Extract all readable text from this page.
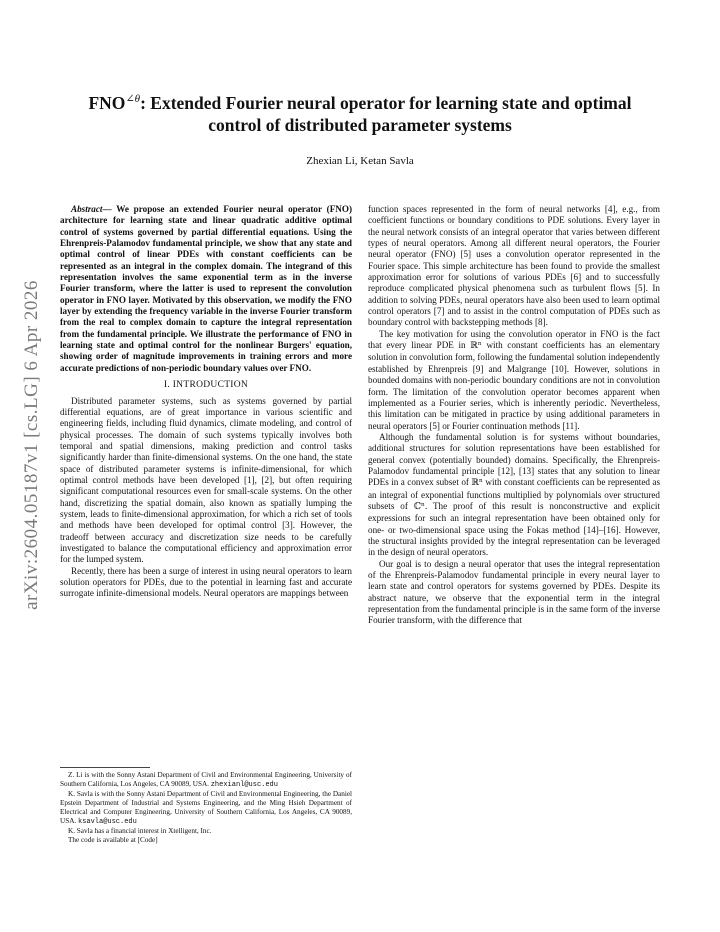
arXiv:2604.05187v1 [cs.LG] 6 Apr 2026
$FNO^{\angle\theta}$: Extended Fourier neural operator for learning state and optimal control of distributed parameter systems
Zhexian Li, Ketan Savla

Abstract— We propose an extended Fourier neural operator (FNO) architecture for learning state and linear quadratic additive optimal control of systems governed by partial differential equations. Using the Ehrenpreis-Palamodov fundamental principle, we show that any state and optimal control of linear PDEs with constant coefficients can be represented as an integral in the complex domain. The integrand of this representation involves the same exponential term as in the inverse Fourier transform, where the latter is used to represent the convolution operator in FNO layer. Motivated by this observation, we modify the FNO layer by extending the frequency variable in the inverse Fourier transform from the real to complex domain to capture the integral representation from the fundamental principle. We illustrate the performance of FNO in learning state and optimal control for the nonlinear Burgers' equation, showing order of magnitude improvements in training errors and more accurate predictions of non-periodic boundary values over FNO.

I. INTRODUCTION

Distributed parameter systems, such as systems governed by partial differential equations, are of great importance in various scientific and engineering fields, including fluid dynamics, climate modeling, and control of physical processes. The domain of such systems typically involves both temporal and spatial dimensions, making prediction and control tasks significantly harder than finite-dimensional systems. On the one hand, the state space of distributed parameter systems is infinite-dimensional, for which optimal control methods have been developed [1], [2], but often requiring significant computational resources even for small-scale systems. On the other hand, discretizing the spatial domain, also known as spatially lumping the system, leads to finite-dimensional approximation, for which a rich set of tools and methods have been developed for optimal control [3]. However, the tradeoff between accuracy and discretization size needs to be carefully investigated to balance the computational efficiency and approximation error for the lumped system.

Recently, there has been a surge of interest in using neural operators to learn solution operators for PDEs, due to the potential in learning fast and accurate surrogate infinite-dimensional models. Neural operators are mappings between

Z. Li is with the Sonny Astani Department of Civil and Environmental Engineering, University of Southern California, Los Angeles, CA 90089, USA. zhexianl@usc.edu

K. Savla is with the Sonny Astani Department of Civil and Environmental Engineering, the Daniel Epstein Department of Industrial and Systems Engineering, and the Ming Hsieh Department of Electrical and Computer Engineering, University of Southern California, Los Angeles, CA 90089, USA. ksavla@usc.edu

K. Savla has a financial interest in Xtelligent, Inc.

The code is available at [Code]

function spaces represented in the form of neural networks [4], e.g., from coefficient functions or boundary conditions to PDE solutions. Every layer in the neural network consists of an integral operator that varies between different types of neural operators. Among all different neural operators, the Fourier neural operator (FNO) [5] uses a convolution operator represented in the Fourier space. This simple architecture has been found to provide the smallest approximation error for solutions of various PDEs [6] and to successfully reproduce complicated physical phenomena such as turbulent flows [5]. In addition to solving PDEs, neural operators have also been used to learn optimal control operators [7] and to assist in the control computation of PDEs such as boundary control with backstepping methods [8].

The key motivation for using the convolution operator in FNO is the fact that every linear PDE in ℝⁿ with constant coefficients has an elementary solution in convolution form, following the fundamental solution independently established by Ehrenpreis [9] and Malgrange [10]. However, solutions in bounded domains with non-periodic boundary conditions are not in convolution form. The limitation of the convolution operator becomes apparent when implemented as a Fourier series, which is inherently periodic. Nevertheless, this limitation can be mitigated in practice by using additional parameters in neural operators [5] or Fourier continuation methods [11].

Although the fundamental solution is for systems without boundaries, additional structures for solution representations have been established for general convex (potentially bounded) domains. Specifically, the Ehrenpreis-Palamodov fundamental principle [12], [13] states that any solution to linear PDEs in a convex subset of ℝⁿ with constant coefficients can be represented as an integral of exponential functions multiplied by polynomials over structured subsets of ℂⁿ. The proof of this result is nonconstructive and explicit expressions for such an integral representation have been obtained only for one- or two-dimensional space using the Fokas method [14]–[16]. However, the structural insights provided by the integral representation can be leveraged in the design of neural operators.

Our goal is to design a neural operator that uses the integral representation of the Ehrenpreis-Palamodov fundamental principle in every neural layer to learn state and control operators for systems governed by PDEs. Despite its abstract nature, we observe that the exponential term in the integral representation from the fundamental principle is in the same form of the inverse Fourier transform, with the difference that
